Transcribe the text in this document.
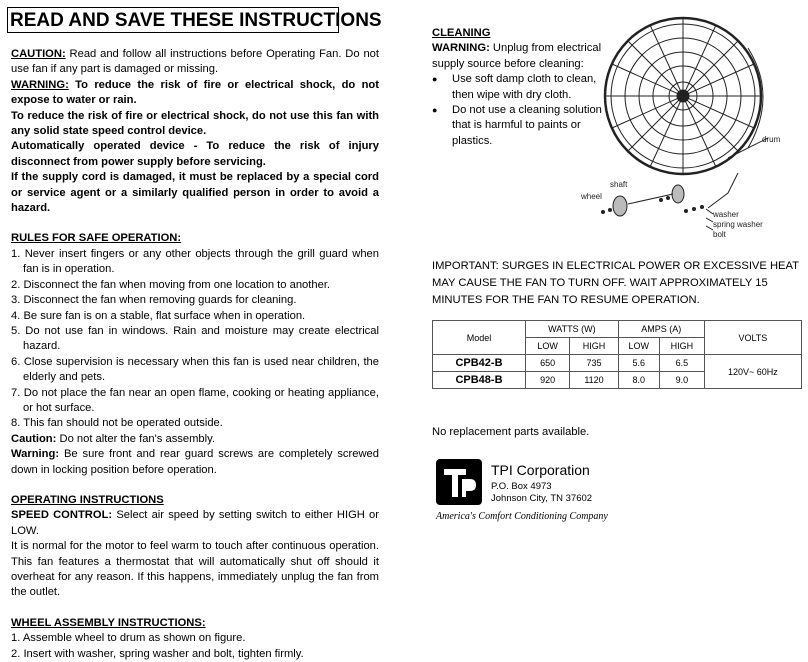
READ AND SAVE THESE INSTRUCTIONS

CAUTION: Read and follow all instructions before Operating Fan. Do not use fan if any part is damaged or missing.

WARNING: To reduce the risk of fire or electrical shock, do not expose to water or rain.

To reduce the risk of fire or electrical shock, do not use this fan with any solid state speed control device.

Automatically operated device - To reduce the risk of injury disconnect from power supply before servicing.

If the supply cord is damaged, it must be replaced by a special cord or service agent or a similarly qualified person in order to avoid a hazard.

RULES FOR SAFE OPERATION:

1. Never insert fingers or any other objects through the grill guard when fan is in operation.

2. Disconnect the fan when moving from one location to another.

3. Disconnect the fan when removing guards for cleaning.

4. Be sure fan is on a stable, flat surface when in operation.

5. Do not use fan in windows. Rain and moisture may create electrical hazard.

6. Close supervision is necessary when this fan is used near children, the elderly and pets.

7. Do not place the fan near an open flame, cooking or heating appliance, or hot surface.

8. This fan should not be operated outside.

Caution: Do not alter the fan's assembly.

Warning: Be sure front and rear guard screws are completely screwed down in locking position before operation.

OPERATING INSTRUCTIONS

SPEED CONTROL: Select air speed by setting switch to either HIGH or LOW.

It is normal for the motor to feel warm to touch after continuous operation. This fan features a thermostat that will automatically shut off should it overheat for any reason. If this happens, immediately unplug the fan from the outlet.

WHEEL ASSEMBLY INSTRUCTIONS:

1. Assemble wheel to drum as shown on figure.

2. Insert with washer, spring washer and bolt, tighten firmly.

CLEANING

WARNING: Unplug from electrical supply source before cleaning:

●	Use soft damp cloth to clean, then wipe with dry cloth.
●	Do not use a cleaning solution that is harmful to paints or plastics.	drum
shaft
wheel
washer
spring washer
bolt
IMPORTANT: SURGES IN ELECTRICAL POWER OR EXCESSIVE HEAT MAY CAUSE THE FAN TO TURN OFF. WAIT APPROXIMATELY 15 MINUTES FOR THE FAN TO RESUME OPERATION.
Model	WATTS (W)		AMPS (A)		VOLTS
	LOW	HIGH	LOW	HIGH	
CPB42-B	650	735	5.6	6.5	120V~ 60Hz
CPB48-B	920	1120	8.0	9.0	
No replacement parts available.
TPI Corporation
P.O. Box 4973
Johnson City, TN 37602
America's Comfort Conditioning Company
